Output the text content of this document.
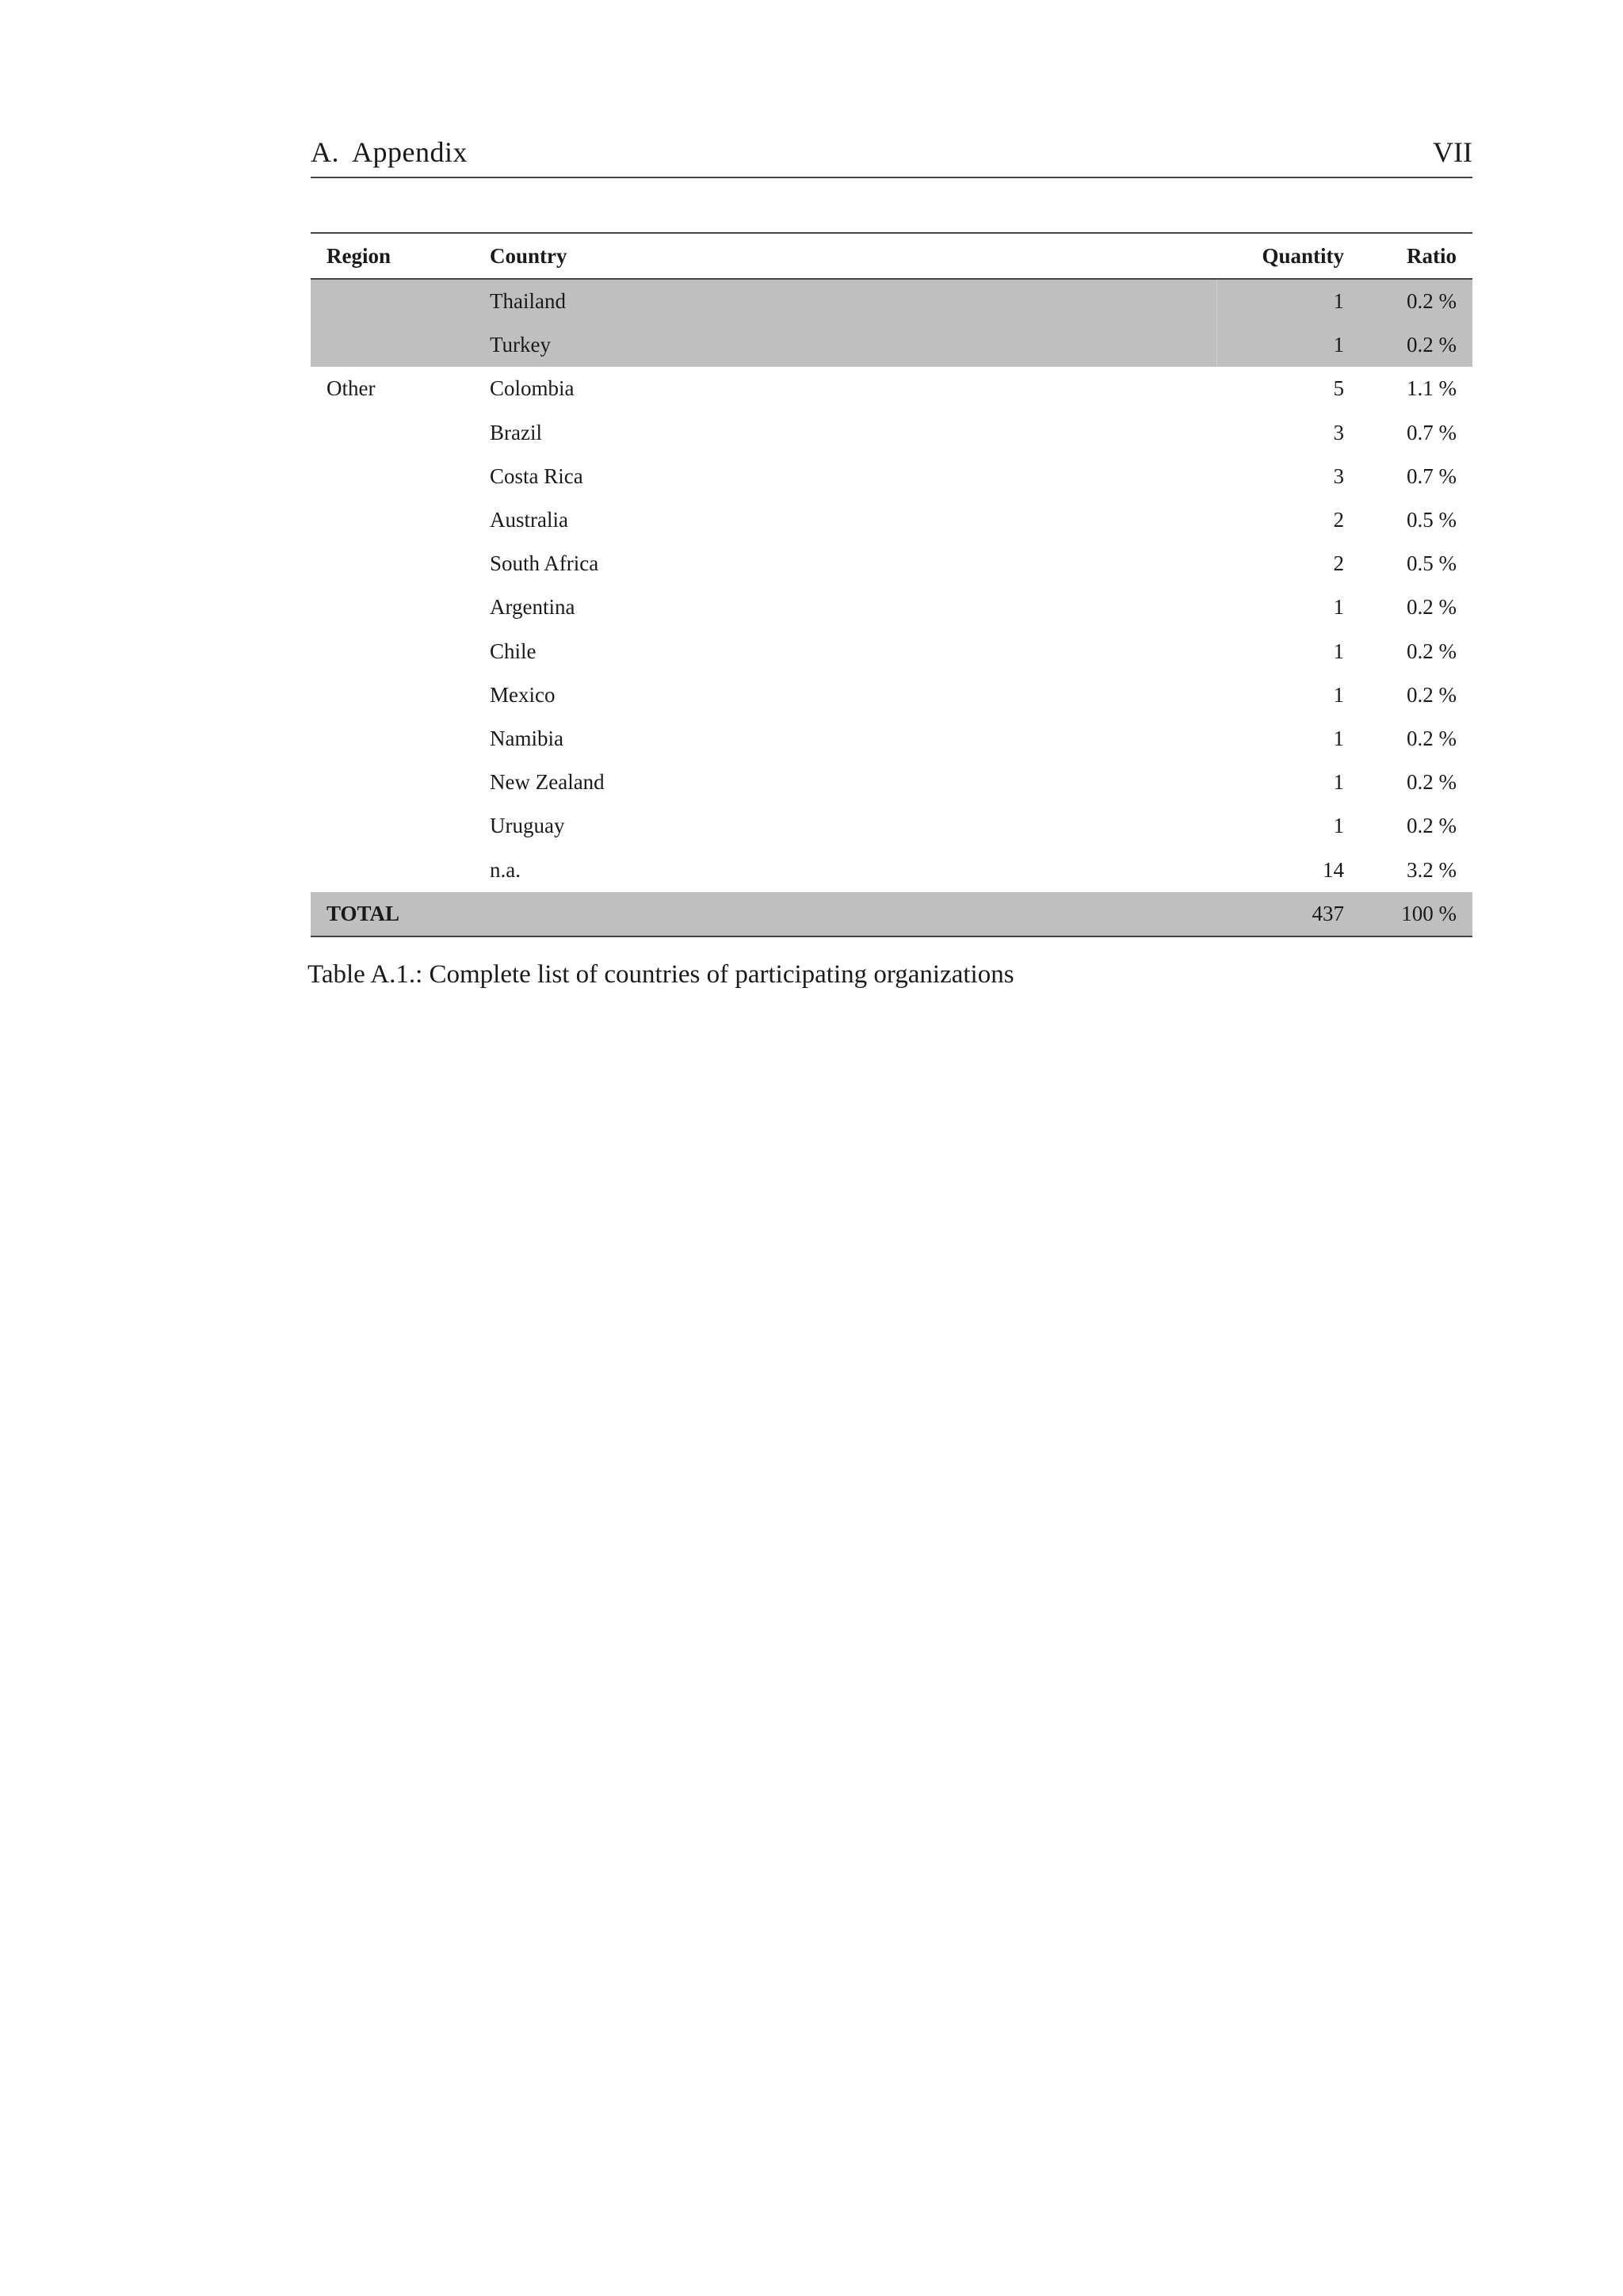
A. Appendix	VII
Region	Country	Quantity	Ratio
	Thailand	1	0.2 %
	Turkey	1	0.2 %
Other	Colombia	5	1.1 %
	Brazil	3	0.7 %
	Costa Rica	3	0.7 %
	Australia	2	0.5 %
	South Africa	2	0.5 %
	Argentina	1	0.2 %
	Chile	1	0.2 %
	Mexico	1	0.2 %
	Namibia	1	0.2 %
	New Zealand	1	0.2 %
	Uruguay	1	0.2 %
	n.a.	14	3.2 %
TOTAL		437	100 %
Table A.1.: Complete list of countries of participating organizations
